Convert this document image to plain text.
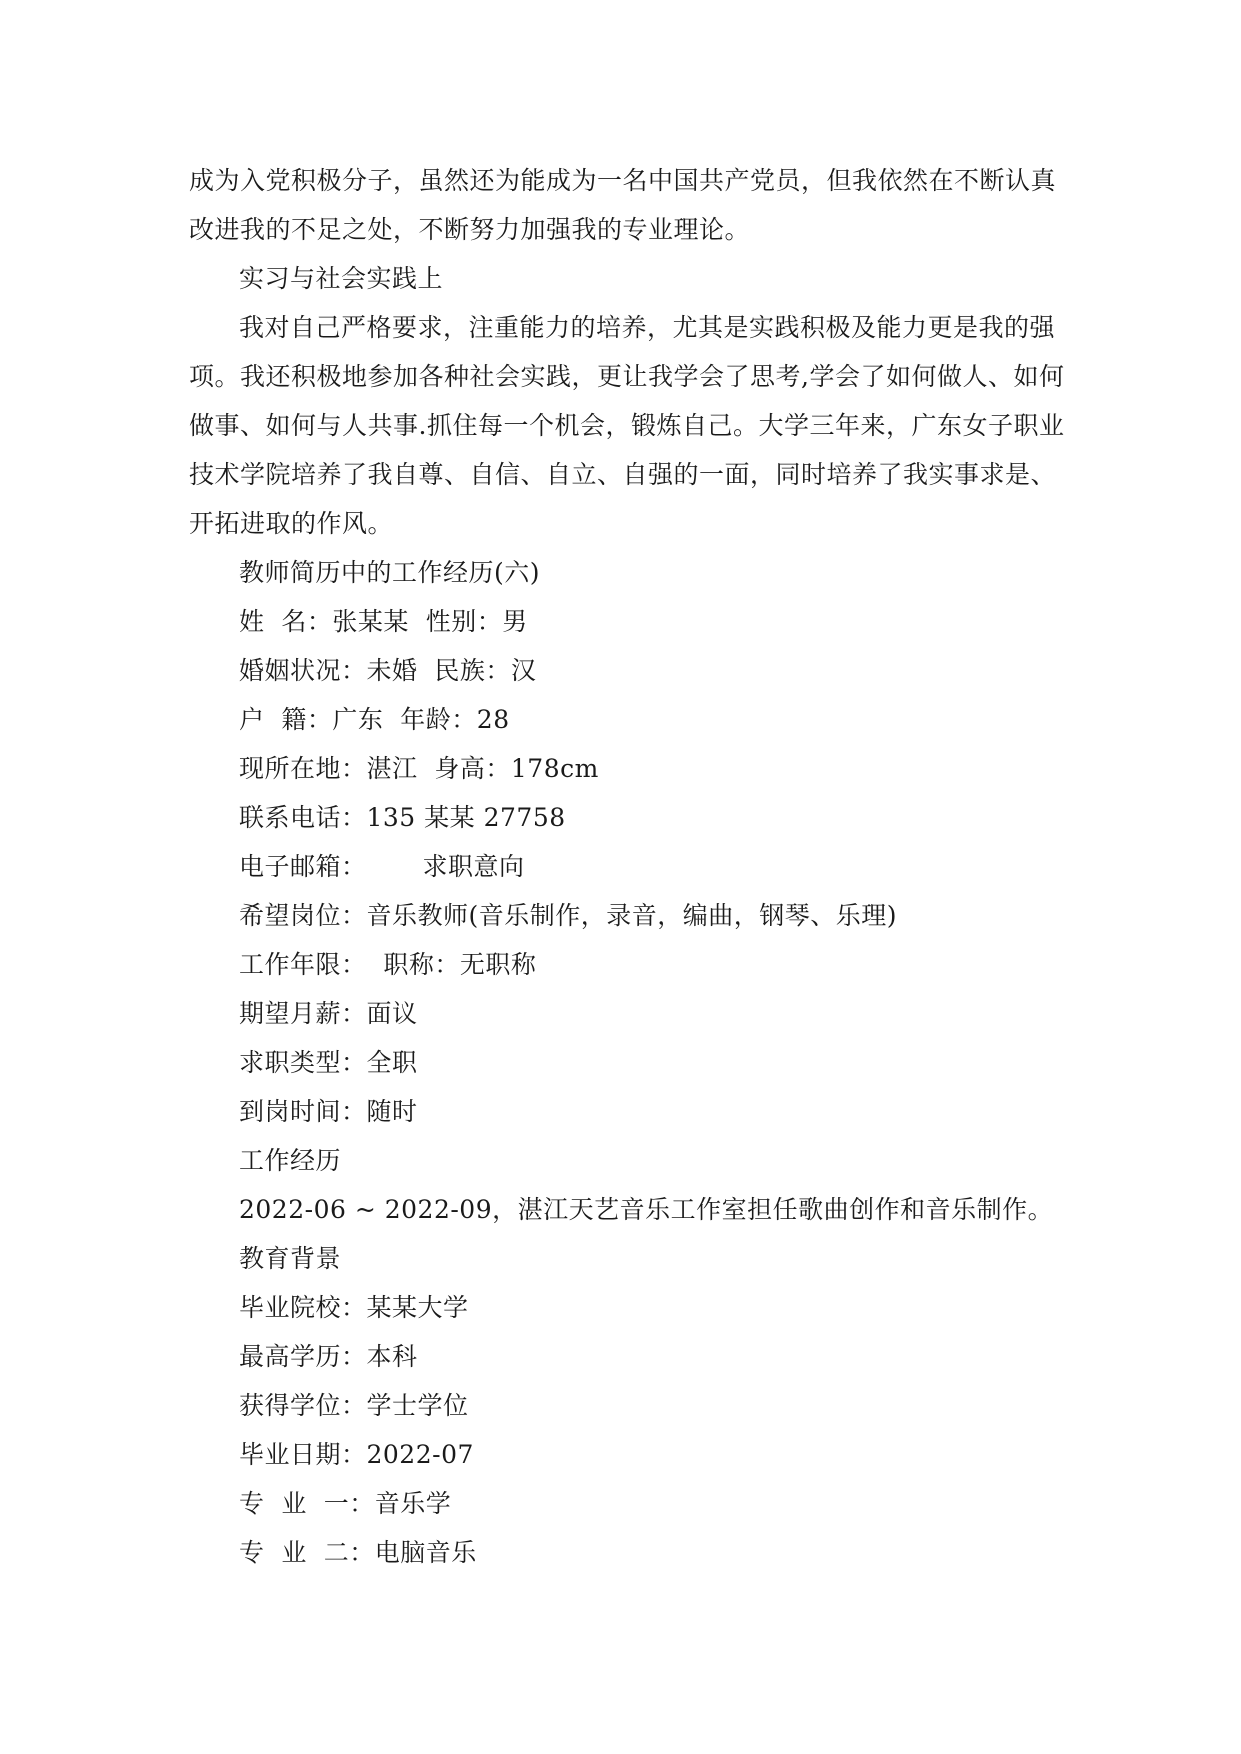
成为入党积极分子，虽然还为能成为一名中国共产党员，但我依然在不断认真

改进我的不足之处，不断努力加强我的专业理论。

实习与社会实践上

我对自己严格要求，注重能力的培养，尤其是实践积极及能力更是我的强

项。我还积极地参加各种社会实践，更让我学会了思考,学会了如何做人、如何

做事、如何与人共事.抓住每一个机会，锻炼自己。大学三年来，广东女子职业

技术学院培养了我自尊、自信、自立、自强的一面，同时培养了我实事求是、

开拓进取的作风。

教师简历中的工作经历(六)

姓  名：张某某  性别：男

婚姻状况：未婚  民族：汉

户  籍：广东  年龄：28

现所在地：湛江  身高：178cm

联系电话：135 某某 27758

电子邮箱： 求职意向

希望岗位：音乐教师(音乐制作，录音，编曲，钢琴、乐理)

工作年限：  职称：无职称

期望月薪：面议

求职类型：全职

到岗时间：随时

工作经历

2022-06 ~ 2022-09，湛江天艺音乐工作室担任歌曲创作和音乐制作。

教育背景

毕业院校：某某大学

最高学历：本科

获得学位：学士学位

毕业日期：2022-07

专  业  一：音乐学

专  业  二：电脑音乐
